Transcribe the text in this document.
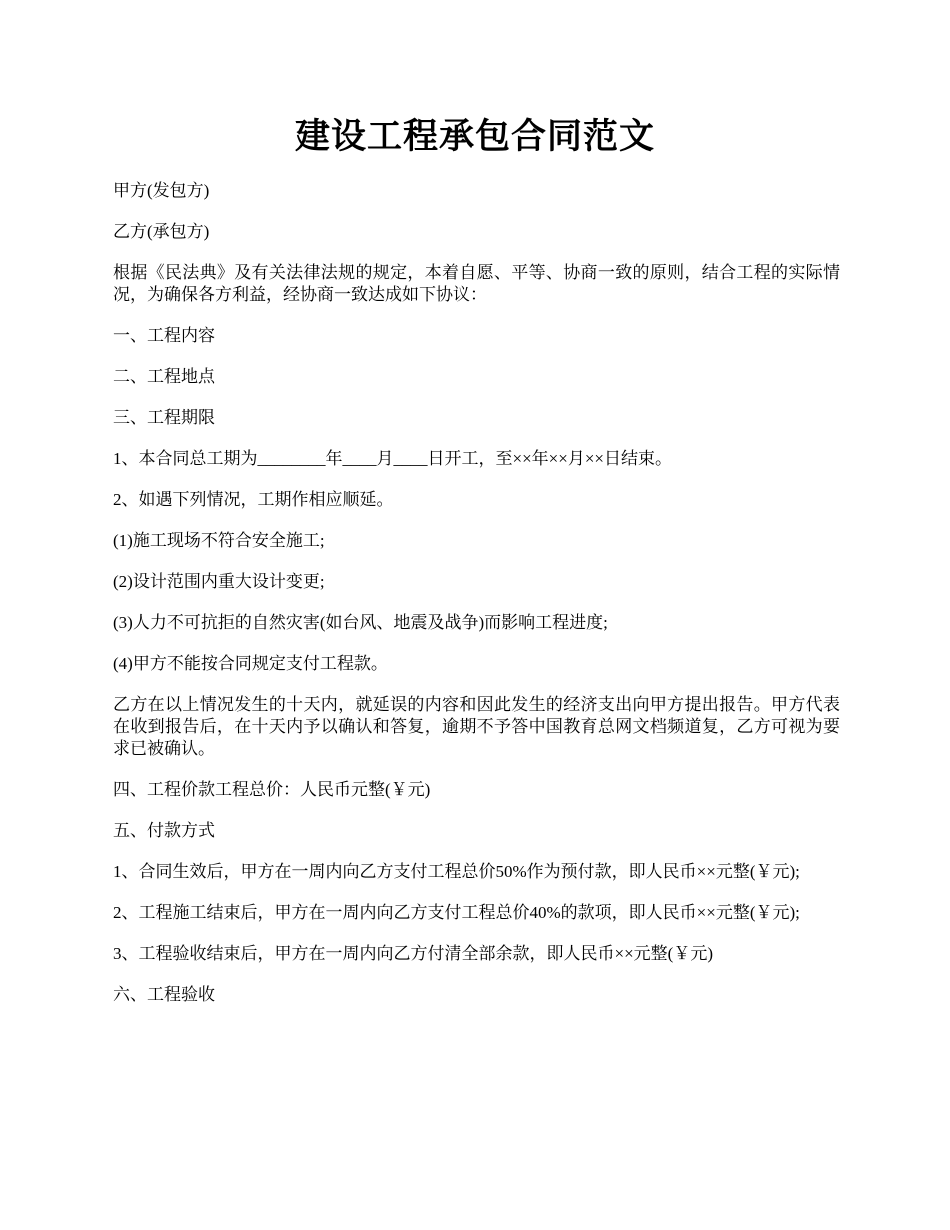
建设工程承包合同范文

甲方(发包方)

乙方(承包方)

根据《民法典》及有关法律法规的规定，本着自愿、平等、协商一致的原则，结合工程的实际情况，为确保各方利益，经协商一致达成如下协议：

一、工程内容

二、工程地点

三、工程期限

1、本合同总工期为________年____月____日开工，至××年××月××日结束。

2、如遇下列情况，工期作相应顺延。

(1)施工现场不符合安全施工;

(2)设计范围内重大设计变更;

(3)人力不可抗拒的自然灾害(如台风、地震及战争)而影响工程进度;

(4)甲方不能按合同规定支付工程款。

乙方在以上情况发生的十天内，就延误的内容和因此发生的经济支出向甲方提出报告。甲方代表在收到报告后，在十天内予以确认和答复，逾期不予答中国教育总网文档频道复，乙方可视为要求已被确认。

四、工程价款工程总价：人民币元整(￥元)

五、付款方式

1、合同生效后，甲方在一周内向乙方支付工程总价50%作为预付款，即人民币××元整(￥元);

2、工程施工结束后，甲方在一周内向乙方支付工程总价40%的款项，即人民币××元整(￥元);

3、工程验收结束后，甲方在一周内向乙方付清全部余款，即人民币××元整(￥元)

六、工程验收
